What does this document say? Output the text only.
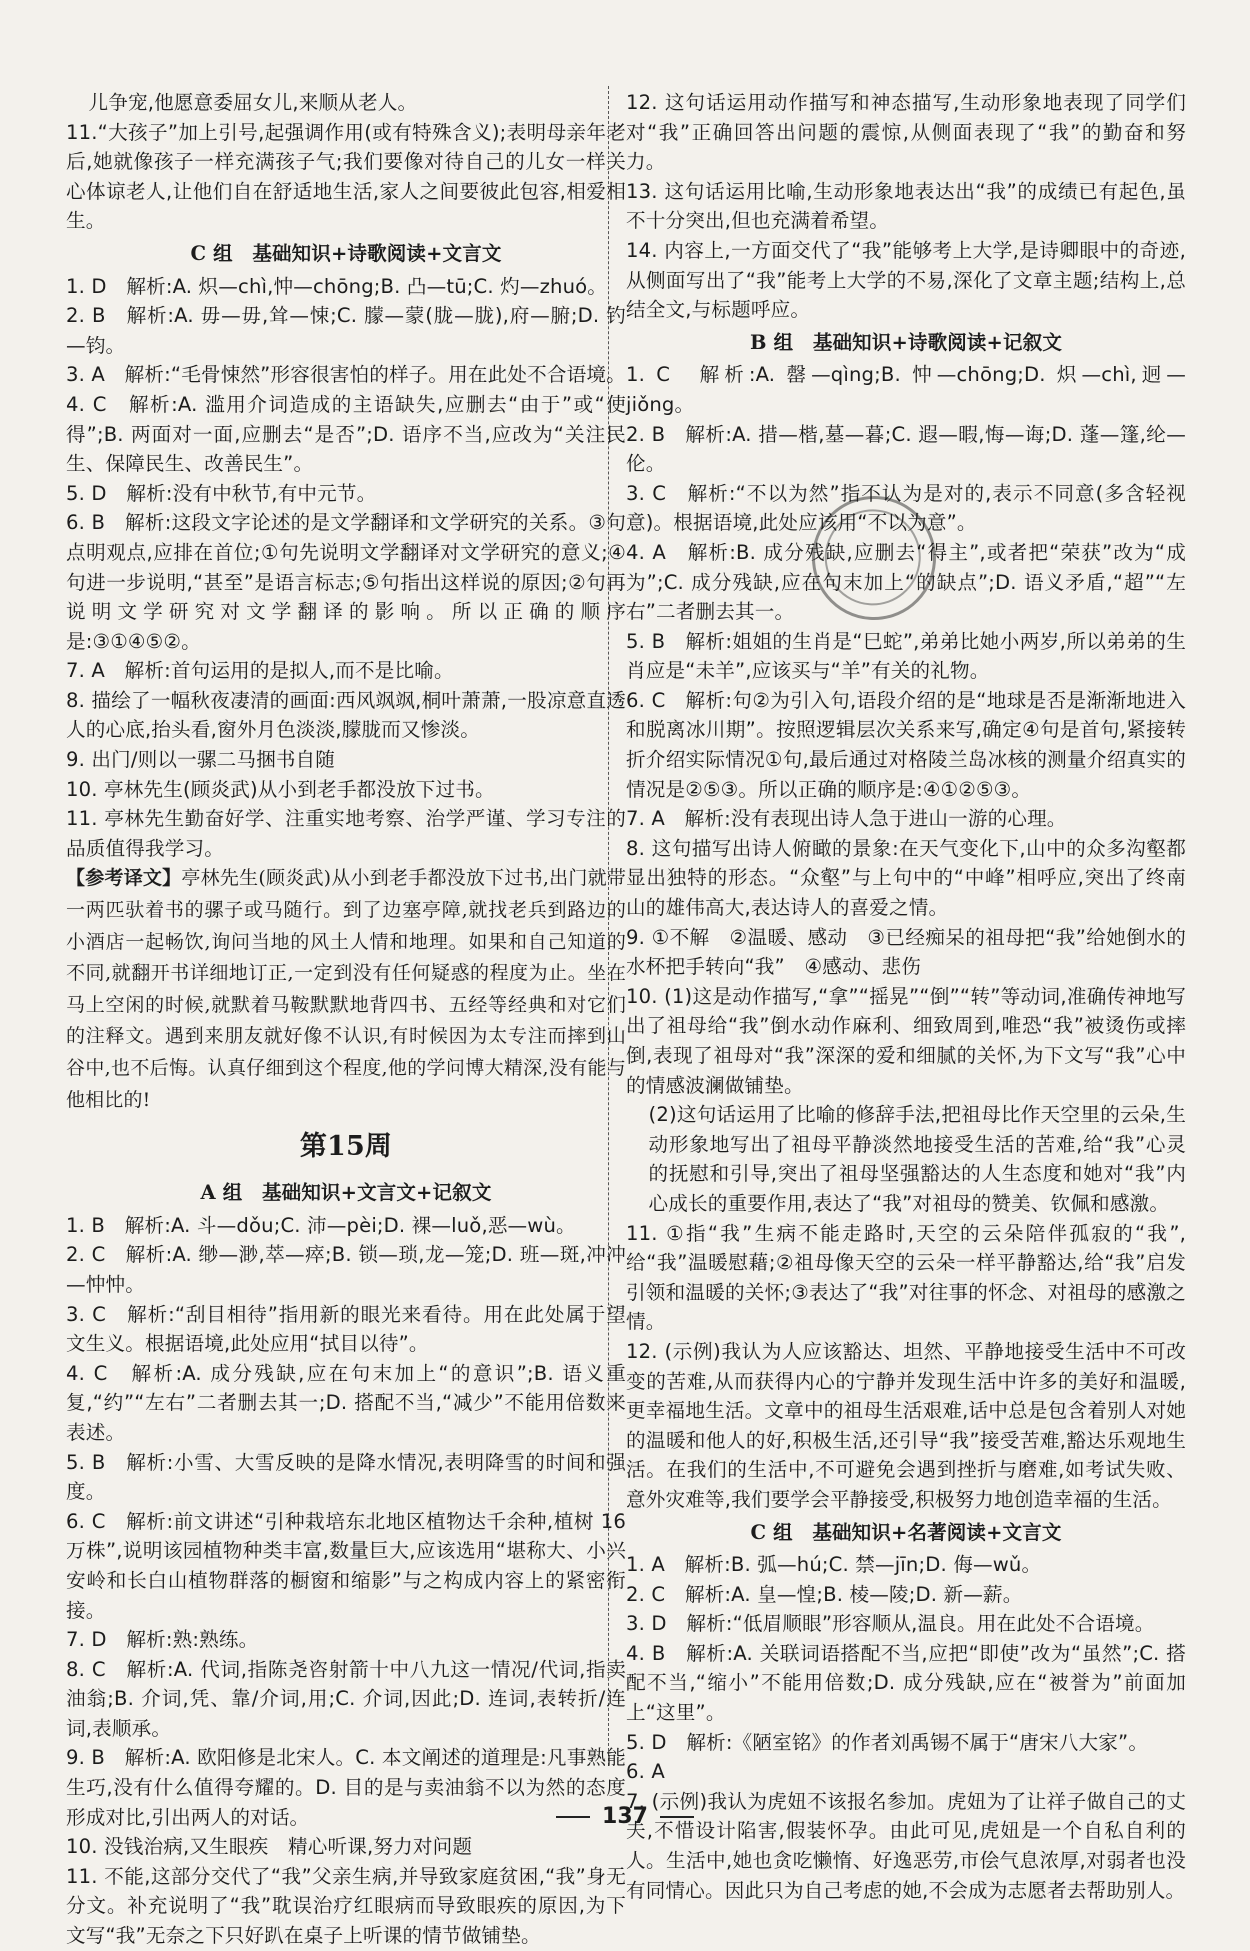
儿争宠,他愿意委屈女儿,来顺从老人。

11.“大孩子”加上引号,起强调作用(或有特殊含义);表明母亲年老后,她就像孩子一样充满孩子气;我们要像对待自己的儿女一样关心体谅老人,让他们自在舒适地生活,家人之间要彼此包容,相爱相生。

C 组　基础知识+诗歌阅读+文言文

1. D　解析:A. 炽—chì,忡—chōng;B. 凸—tū;C. 灼—zhuó。

2. B　解析:A. 毋—毋,耸—悚;C. 朦—蒙(胧—胧),府—腑;D. 钓—钧。

3. A　解析:“毛骨悚然”形容很害怕的样子。用在此处不合语境。

4. C　解析:A. 滥用介词造成的主语缺失,应删去“由于”或“使得”;B. 两面对一面,应删去“是否”;D. 语序不当,应改为“关注民生、保障民生、改善民生”。

5. D　解析:没有中秋节,有中元节。

6. B　解析:这段文字论述的是文学翻译和文学研究的关系。③句点明观点,应排在首位;①句先说明文学翻译对文学研究的意义;④句进一步说明,“甚至”是语言标志;⑤句指出这样说的原因;②句再说明文学研究对文学翻译的影响。所以正确的顺序是:③①④⑤②。

7. A　解析:首句运用的是拟人,而不是比喻。

8. 描绘了一幅秋夜凄清的画面:西风飒飒,桐叶萧萧,一股凉意直透人的心底,抬头看,窗外月色淡淡,朦胧而又惨淡。

9. 出门/则以一骡二马捆书自随

10. 亭林先生(顾炎武)从小到老手都没放下过书。

11. 亭林先生勤奋好学、注重实地考察、治学严谨、学习专注的品质值得我学习。

【参考译文】亭林先生(顾炎武)从小到老手都没放下过书,出门就带一两匹驮着书的骡子或马随行。到了边塞亭障,就找老兵到路边的小酒店一起畅饮,询问当地的风土人情和地理。如果和自己知道的不同,就翻开书详细地订正,一定到没有任何疑惑的程度为止。坐在马上空闲的时候,就默着马鞍默默地背四书、五经等经典和对它们的注释文。遇到来朋友就好像不认识,有时候因为太专注而摔到山谷中,也不后悔。认真仔细到这个程度,他的学问博大精深,没有能与他相比的!

第15周
A 组　基础知识+文言文+记叙文

1. B　解析:A. 斗—dǒu;C. 沛—pèi;D. 裸—luǒ,恶—wù。

2. C　解析:A. 缈—渺,萃—瘁;B. 锁—琐,龙—笼;D. 班—斑,冲冲—忡忡。

3. C　解析:“刮目相待”指用新的眼光来看待。用在此处属于望文生义。根据语境,此处应用“拭目以待”。

4. C　解析:A. 成分残缺,应在句末加上“的意识”;B. 语义重复,“约”“左右”二者删去其一;D. 搭配不当,“减少”不能用倍数来表述。

5. B　解析:小雪、大雪反映的是降水情况,表明降雪的时间和强度。

6. C　解析:前文讲述“引种栽培东北地区植物达千余种,植树 16 万株”,说明该园植物种类丰富,数量巨大,应该选用“堪称大、小兴安岭和长白山植物群落的橱窗和缩影”与之构成内容上的紧密衔接。

7. D　解析:熟:熟练。

8. C　解析:A. 代词,指陈尧咨射箭十中八九这一情况/代词,指卖油翁;B. 介词,凭、靠/介词,用;C. 介词,因此;D. 连词,表转折/连词,表顺承。

9. B　解析:A. 欧阳修是北宋人。C. 本文阐述的道理是:凡事熟能生巧,没有什么值得夸耀的。D. 目的是与卖油翁不以为然的态度形成对比,引出两人的对话。

10. 没钱治病,又生眼疾　精心听课,努力对问题

11. 不能,这部分交代了“我”父亲生病,并导致家庭贫困,“我”身无分文。补充说明了“我”耽误治疗红眼病而导致眼疾的原因,为下文写“我”无奈之下只好趴在桌子上听课的情节做铺垫。

12. 这句话运用动作描写和神态描写,生动形象地表现了同学们对“我”正确回答出问题的震惊,从侧面表现了“我”的勤奋和努力。

13. 这句话运用比喻,生动形象地表达出“我”的成绩已有起色,虽不十分突出,但也充满着希望。

14. 内容上,一方面交代了“我”能够考上大学,是诗卿眼中的奇迹,从侧面写出了“我”能考上大学的不易,深化了文章主题;结构上,总结全文,与标题呼应。

B 组　基础知识+诗歌阅读+记叙文

1. C　解析:A. 罄—qìng;B. 忡—chōng;D. 炽—chì,迥—jiǒng。

2. B　解析:A. 措—楷,墓—暮;C. 遐—暇,悔—诲;D. 蓬—篷,纶—伦。

3. C　解析:“不以为然”指不认为是对的,表示不同意(多含轻视意)。根据语境,此处应该用“不以为意”。

4. A　解析:B. 成分残缺,应删去“得主”,或者把“荣获”改为“成为”;C. 成分残缺,应在句末加上“的缺点”;D. 语义矛盾,“超”“左右”二者删去其一。

5. B　解析:姐姐的生肖是“巳蛇”,弟弟比她小两岁,所以弟弟的生肖应是“未羊”,应该买与“羊”有关的礼物。

6. C　解析:句②为引入句,语段介绍的是“地球是否是渐渐地进入和脱离冰川期”。按照逻辑层次关系来写,确定④句是首句,紧接转折介绍实际情况①句,最后通过对格陵兰岛冰核的测量介绍真实的情况是②⑤③。所以正确的顺序是:④①②⑤③。

7. A　解析:没有表现出诗人急于进山一游的心理。

8. 这句描写出诗人俯瞰的景象:在天气变化下,山中的众多沟壑都显出独特的形态。“众壑”与上句中的“中峰”相呼应,突出了终南山的雄伟高大,表达诗人的喜爱之情。

9. ①不解　②温暖、感动　③已经痴呆的祖母把“我”给她倒水的水杯把手转向“我”　④感动、悲伤

10. (1)这是动作描写,“拿”“摇晃”“倒”“转”等动词,准确传神地写出了祖母给“我”倒水动作麻利、细致周到,唯恐“我”被烫伤或摔倒,表现了祖母对“我”深深的爱和细腻的关怀,为下文写“我”心中的情感波澜做铺垫。

(2)这句话运用了比喻的修辞手法,把祖母比作天空里的云朵,生动形象地写出了祖母平静淡然地接受生活的苦难,给“我”心灵的抚慰和引导,突出了祖母坚强豁达的人生态度和她对“我”内心成长的重要作用,表达了“我”对祖母的赞美、钦佩和感激。

11. ①指“我”生病不能走路时,天空的云朵陪伴孤寂的“我”,给“我”温暖慰藉;②祖母像天空的云朵一样平静豁达,给“我”启发引领和温暖的关怀;③表达了“我”对往事的怀念、对祖母的感激之情。

12. (示例)我认为人应该豁达、坦然、平静地接受生活中不可改变的苦难,从而获得内心的宁静并发现生活中许多的美好和温暖,更幸福地生活。文章中的祖母生活艰难,话中总是包含着别人对她的温暖和他人的好,积极生活,还引导“我”接受苦难,豁达乐观地生活。在我们的生活中,不可避免会遇到挫折与磨难,如考试失败、意外灾难等,我们要学会平静接受,积极努力地创造幸福的生活。

C 组　基础知识+名著阅读+文言文

1. A　解析:B. 弧—hú;C. 禁—jīn;D. 侮—wǔ。

2. C　解析:A. 皇—惶;B. 棱—陵;D. 新—薪。

3. D　解析:“低眉顺眼”形容顺从,温良。用在此处不合语境。

4. B　解析:A. 关联词语搭配不当,应把“即使”改为“虽然”;C. 搭配不当,“缩小”不能用倍数;D. 成分残缺,应在“被誉为”前面加上“这里”。

5. D　解析:《陋室铭》的作者刘禹锡不属于“唐宋八大家”。

6. A

7. (示例)我认为虎妞不该报名参加。虎妞为了让祥子做自己的丈夫,不惜设计陷害,假装怀孕。由此可见,虎妞是一个自私自利的人。生活中,她也贪吃懒惰、好逸恶劳,市侩气息浓厚,对弱者也没有同情心。因此只为自己考虑的她,不会成为志愿者去帮助别人。

137
